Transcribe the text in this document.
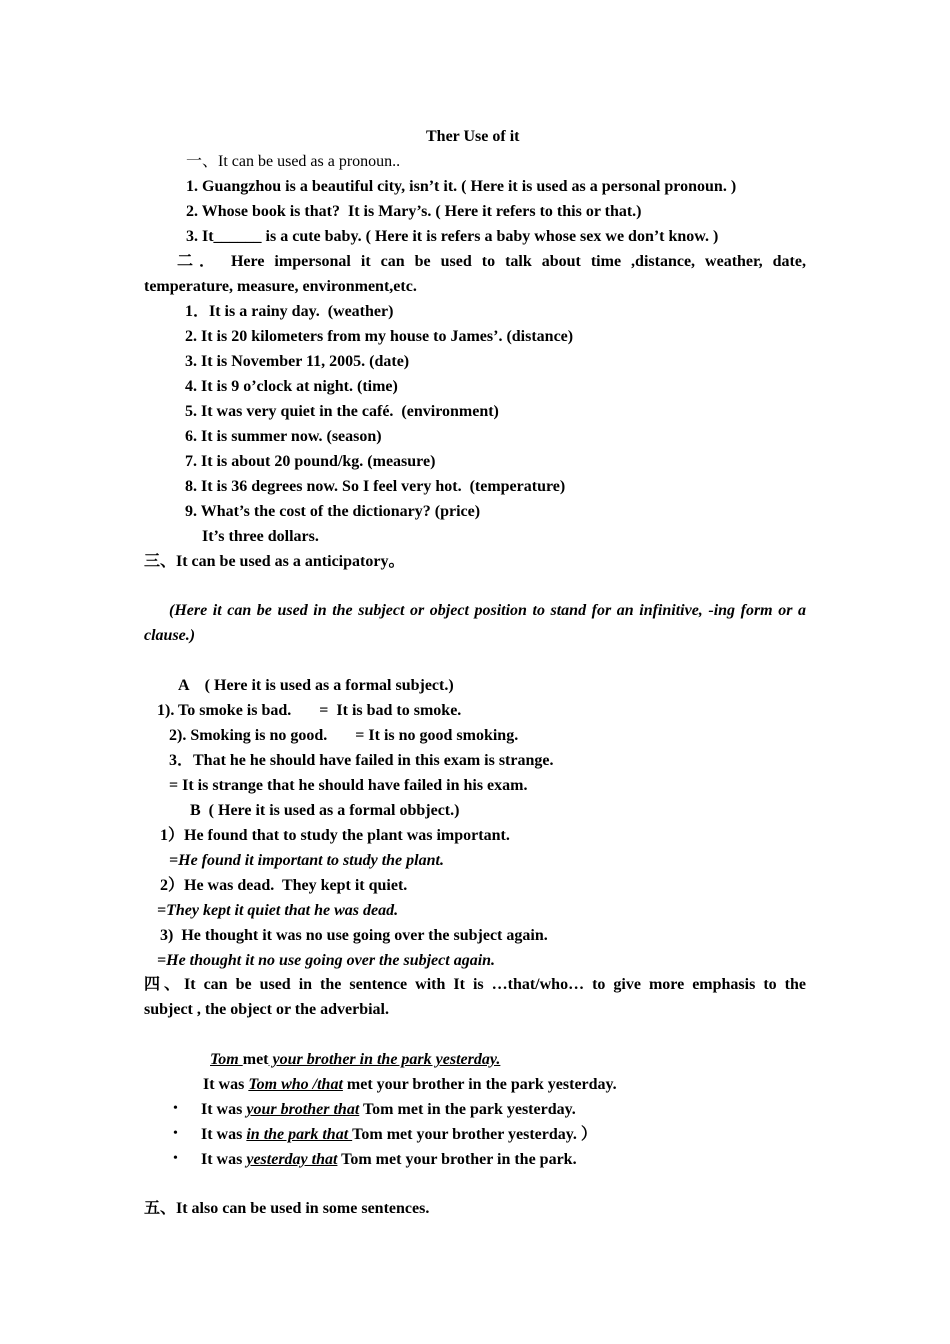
Ther Use of it
一、It can be used as a pronoun..
1. Guangzhou is a beautiful city, isn’t it. ( Here it is used as a personal pronoun. )
2. Whose book is that?  It is Mary’s. ( Here it refers to this or that.)
3. It______ is a cute baby. ( Here it is refers a baby whose sex we don’t know. )
二． Here impersonal it can be used to talk about time ,distance, weather, date,
temperature, measure, environment,etc.
1．It is a rainy day.  (weather)
2. It is 20 kilometers from my house to James’. (distance)
3. It is November 11, 2005. (date)
4. It is 9 o’clock at night. (time)
5. It was very quiet in the café.  (environment)
6. It is summer now. (season)
7. It is about 20 pound/kg. (measure)
8. It is 36 degrees now. So I feel very hot.  (temperature)
9. What’s the cost of the dictionary? (price)
It’s three dollars.
三、It can be used as a anticipatory。
(Here it can be used in the subject or object position to stand for an infinitive, -ing form or a
clause.)
A    ( Here it is used as a formal subject.)
1). To smoke is bad.       =  It is bad to smoke.
2). Smoking is no good.       = It is no good smoking.
3．That he he should have failed in this exam is strange.
= It is strange that he should have failed in his exam.
B  ( Here it is used as a formal obbject.)
1）He found that to study the plant was important.
=He found it important to study the plant.
2）He was dead.  They kept it quiet.
=They kept it quiet that he was dead.
3)  He thought it was no use going over the subject again.
=He thought it no use going over the subject again.
四、It can be used in the sentence with It is …that/who… to give more emphasis to the
subject , the object or the adverbial.
Tom met your brother in the park yesterday.
It was Tom who /that met your brother in the park yesterday.
• It was your brother that Tom met in the park yesterday.
• It was in the park that Tom met your brother yesterday. ）
• It was yesterday that Tom met your brother in the park.
五、It also can be used in some sentences.
